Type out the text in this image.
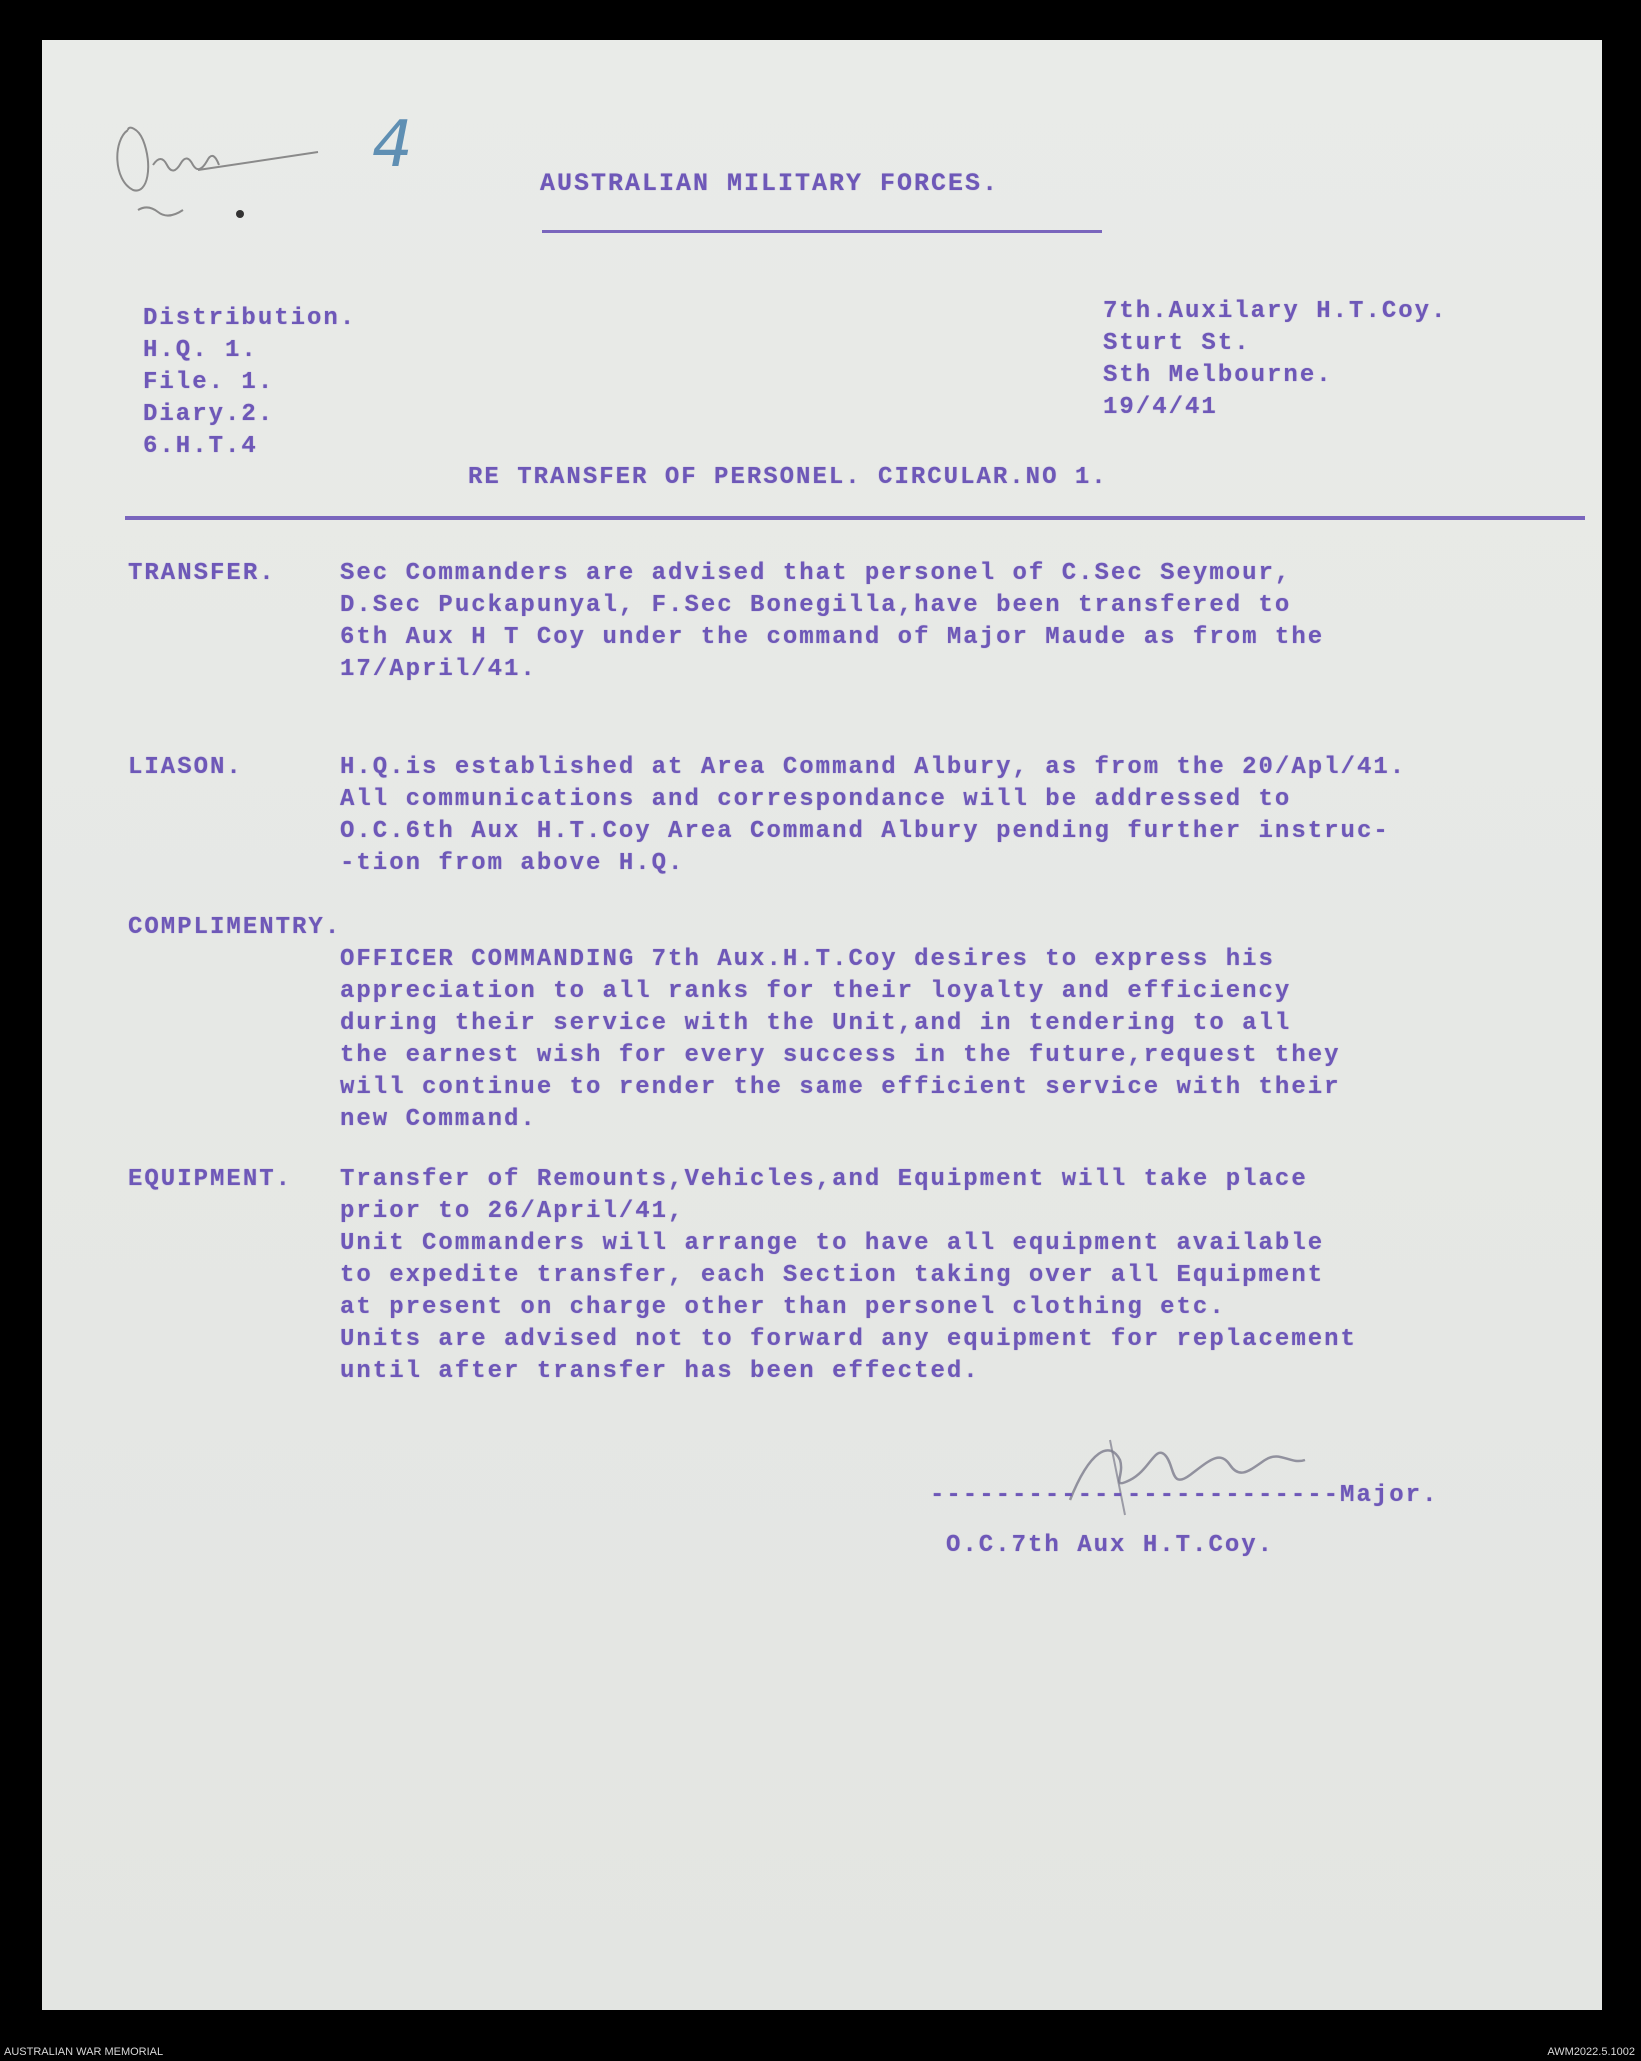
4
AUSTRALIAN MILITARY FORCES.
Distribution.
H.Q. 1.
File. 1.
Diary.2.
6.H.T.4
7th.Auxilary H.T.Coy.
Sturt St.
Sth Melbourne.
19/4/41
RE TRANSFER OF PERSONEL. CIRCULAR.NO 1.
TRANSFER.	Sec Commanders are advised that personel of C.Sec Seymour,
D.Sec Puckapunyal, F.Sec Bonegilla,have been transfered to
6th Aux H T Coy under the command of Major Maude as from the
17/April/41.
LIASON.	H.Q.is established at Area Command Albury, as from the 20/Apl/41.
All communications and correspondance will be addressed to
O.C.6th Aux H.T.Coy Area Command Albury pending further instruc-
-tion from above H.Q.
COMPLIMENTRY.
OFFICER COMMANDING 7th Aux.H.T.Coy desires to express his
appreciation to all ranks for their loyalty and efficiency
during their service with the Unit,and in tendering to all
the earnest wish for every success in the future,request they
will continue to render the same efficient service with their
new Command.
EQUIPMENT. Transfer of Remounts,Vehicles,and Equipment will take place
prior to 26/April/41,
Unit Commanders will arrange to have all equipment available
to expedite transfer, each Section taking over all Equipment
at present on charge other than personel clothing etc.
Units are advised not to forward any equipment for replacement
until after transfer has been effected.
-------------------------Major.
O.C.7th Aux H.T.Coy.
AUSTRALIAN WAR MEMORIAL	AWM2022.5.1002
